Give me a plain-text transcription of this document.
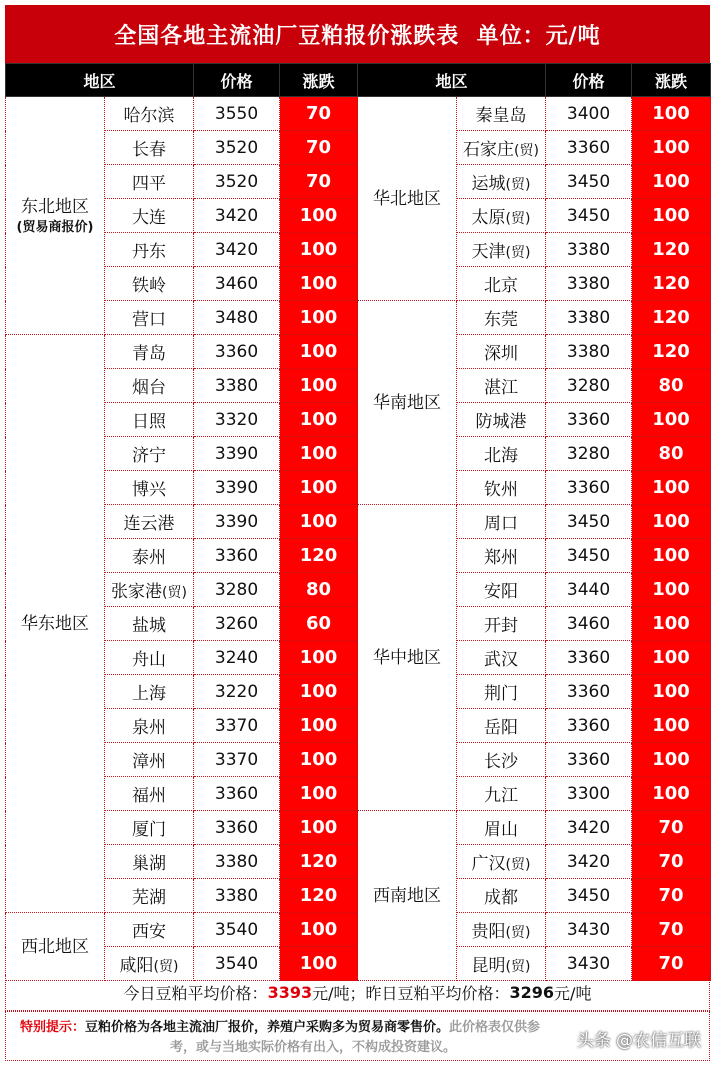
全国各地主流油厂豆粕报价涨跌表
单位：元/吨
地区		价格	涨跌	地区		价格	涨跌
东北地区
(贸易商报价)	哈尔滨	3550	70	华北地区	秦皇岛	3400	100
	长春	3520	70		石家庄(贸)	3360	100
	四平	3520	70		运城(贸)	3450	100
	大连	3420	100		太原(贸)	3450	100
	丹东	3420	100		天津(贸)	3380	120
	铁岭	3460	100		北京	3380	120
	营口	3480	100	华南地区	东莞	3380	120
华东地区	青岛	3360	100		深圳	3380	120
	烟台	3380	100		湛江	3280	80
	日照	3320	100		防城港	3360	100
	济宁	3390	100		北海	3280	80
	博兴	3390	100		钦州	3360	100
	连云港	3390	100	华中地区	周口	3450	100
	泰州	3360	120		郑州	3450	100
	张家港(贸)	3280	80		安阳	3440	100
	盐城	3260	60		开封	3460	100
	舟山	3240	100		武汉	3360	100
	上海	3220	100		荆门	3360	100
	泉州	3370	100		岳阳	3360	100
	漳州	3370	100		长沙	3360	100
	福州	3360	100		九江	3300	100
	厦门	3360	100	西南地区	眉山	3420	70
	巢湖	3380	120		广汉(贸)	3420	70
	芜湖	3380	120		成都	3450	70
西北地区	西安	3540	100		贵阳(贸)	3430	70
	咸阳(贸)	3540	100		昆明(贸)	3430	70
今日豆粕平均价格： 3393 元/吨； 昨日豆粕平均价格： 3296 元/吨
特别提示：豆粕价格为各地主流油厂报价，养殖户采购多为贸易商零售价。此价格表仅供参
考，或与当地实际价格有出入，不构成投资建议。	头条 @农信互联
